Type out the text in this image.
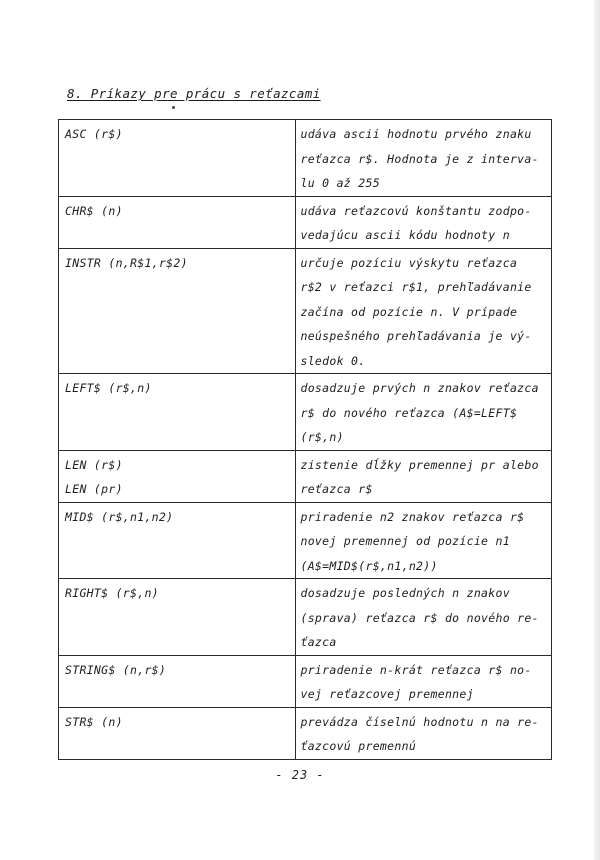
8. Príkazy pre prácu s reťazcami
ASC (r$)	udáva ascii hodnotu prvého znaku
reťazca r$. Hodnota je z interva-
lu 0 až 255

CHR$ (n)	udáva reťazcovú konštantu zodpo-
vedajúcu ascii kódu hodnoty n

INSTR (n,R$1,r$2)	určuje pozíciu výskytu reťazca
r$2 v reťazci r$1, prehľadávanie
začína od pozície n. V prípade
neúspešného prehľadávania je vý-
sledok 0.

LEFT$ (r$,n)	dosadzuje prvých n znakov reťazca
r$ do nového reťazca (A$=LEFT$
(r$,n)

LEN (r$)
LEN (pr)	zistenie dĺžky premennej pr alebo
reťazca r$

MID$ (r$,n1,n2)	priradenie n2 znakov reťazca r$
novej premennej od pozície n1
(A$=MID$(r$,n1,n2))

RIGHT$ (r$,n)	dosadzuje posledných n znakov
(sprava) reťazca r$ do nového re-
ťazca

STRING$ (n,r$)	priradenie n-krát reťazca r$ no-
vej reťazcovej premennej

STR$ (n)	prevádza číselnú hodnotu n na re-
ťazcovú premennú
- 23 -
